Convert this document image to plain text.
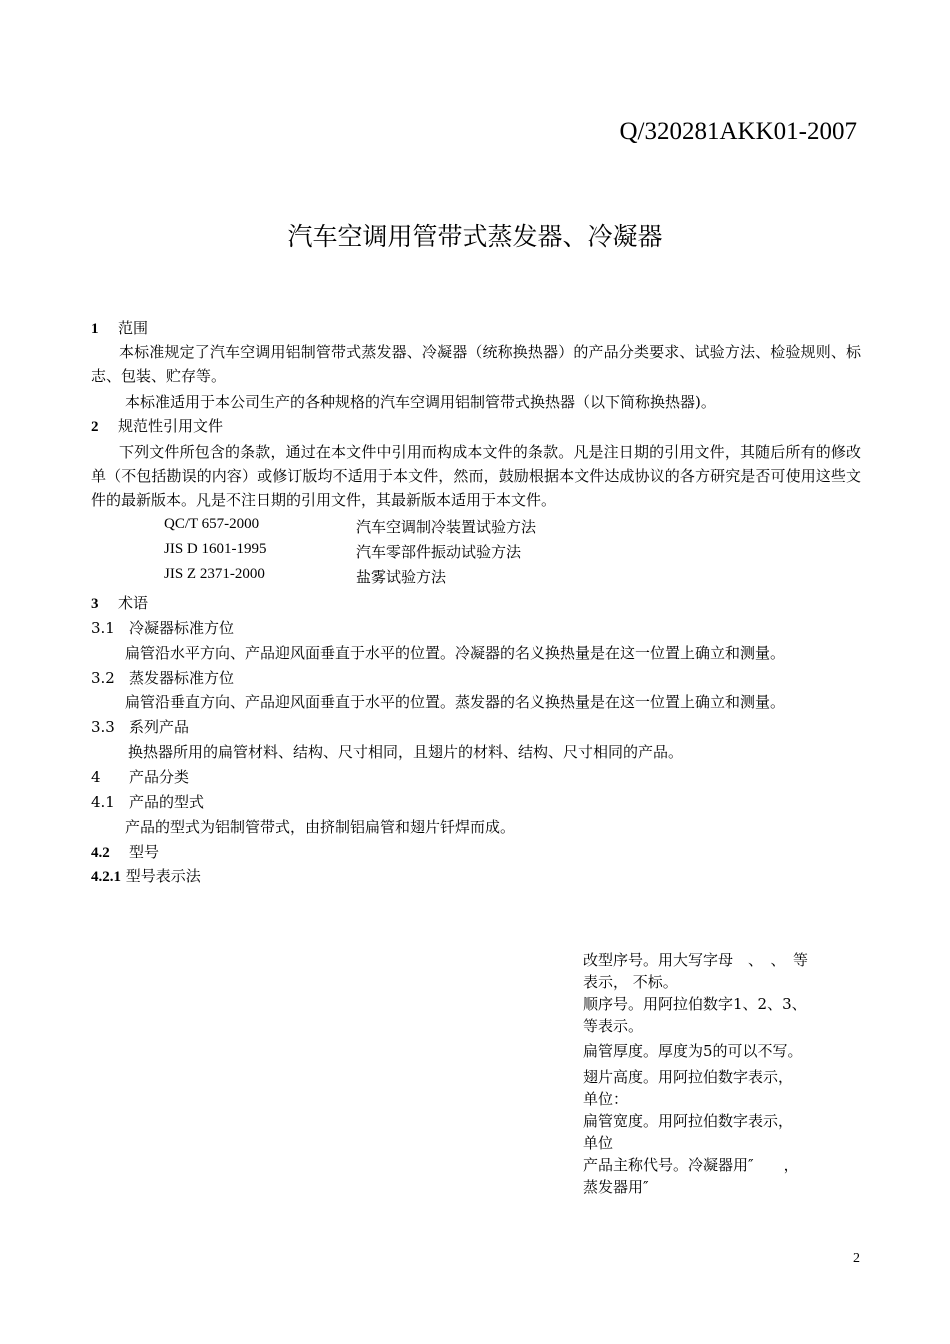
Q/320281AKK01-2007
汽车空调用管带式蒸发器、冷凝器
1 范围
本标准规定了汽车空调用铝制管带式蒸发器、冷凝器（统称换热器）的产品分类要求、试验方法、检验规则、标志、包装、贮存等。
本标准适用于本公司生产的各种规格的汽车空调用铝制管带式换热器（以下简称换热器)。
2 规范性引用文件
下列文件所包含的条款，通过在本文件中引用而构成本文件的条款。凡是注日期的引用文件，其随后所有的修改单（不包括勘误的内容）或修订版均不适用于本文件，然而，鼓励根据本文件达成协议的各方研究是否可使用这些文件的最新版本。凡是不注日期的引用文件，其最新版本适用于本文件。
QC/T 657-2000	汽车空调制冷装置试验方法
JIS D 1601-1995	汽车零部件振动试验方法
JIS Z 2371-2000	盐雾试验方法
3 术语
3.1 冷凝器标准方位
扁管沿水平方向、产品迎风面垂直于水平的位置。冷凝器的名义换热量是在这一位置上确立和测量。
3.2 蒸发器标准方位
扁管沿垂直方向、产品迎风面垂直于水平的位置。蒸发器的名义换热量是在这一位置上确立和测量。
3.3 系列产品
换热器所用的扁管材料、结构、尺寸相同，且翅片的材料、结构、尺寸相同的产品。
4 产品分类
4.1 产品的型式
产品的型式为铝制管带式，由挤制铝扁管和翅片钎焊而成。
4.2 型号
4.2.1 型号表示法
改型序号。用大写字母　、　、　等
表示， 不标。
顺序号。用阿拉伯数字1、2、3、
等表示。
扁管厚度。厚度为5的可以不写。
翅片高度。用阿拉伯数字表示，
单位：
扁管宽度。用阿拉伯数字表示，
单位
产品主称代号。冷凝器用″　　，
蒸发器用″
2
